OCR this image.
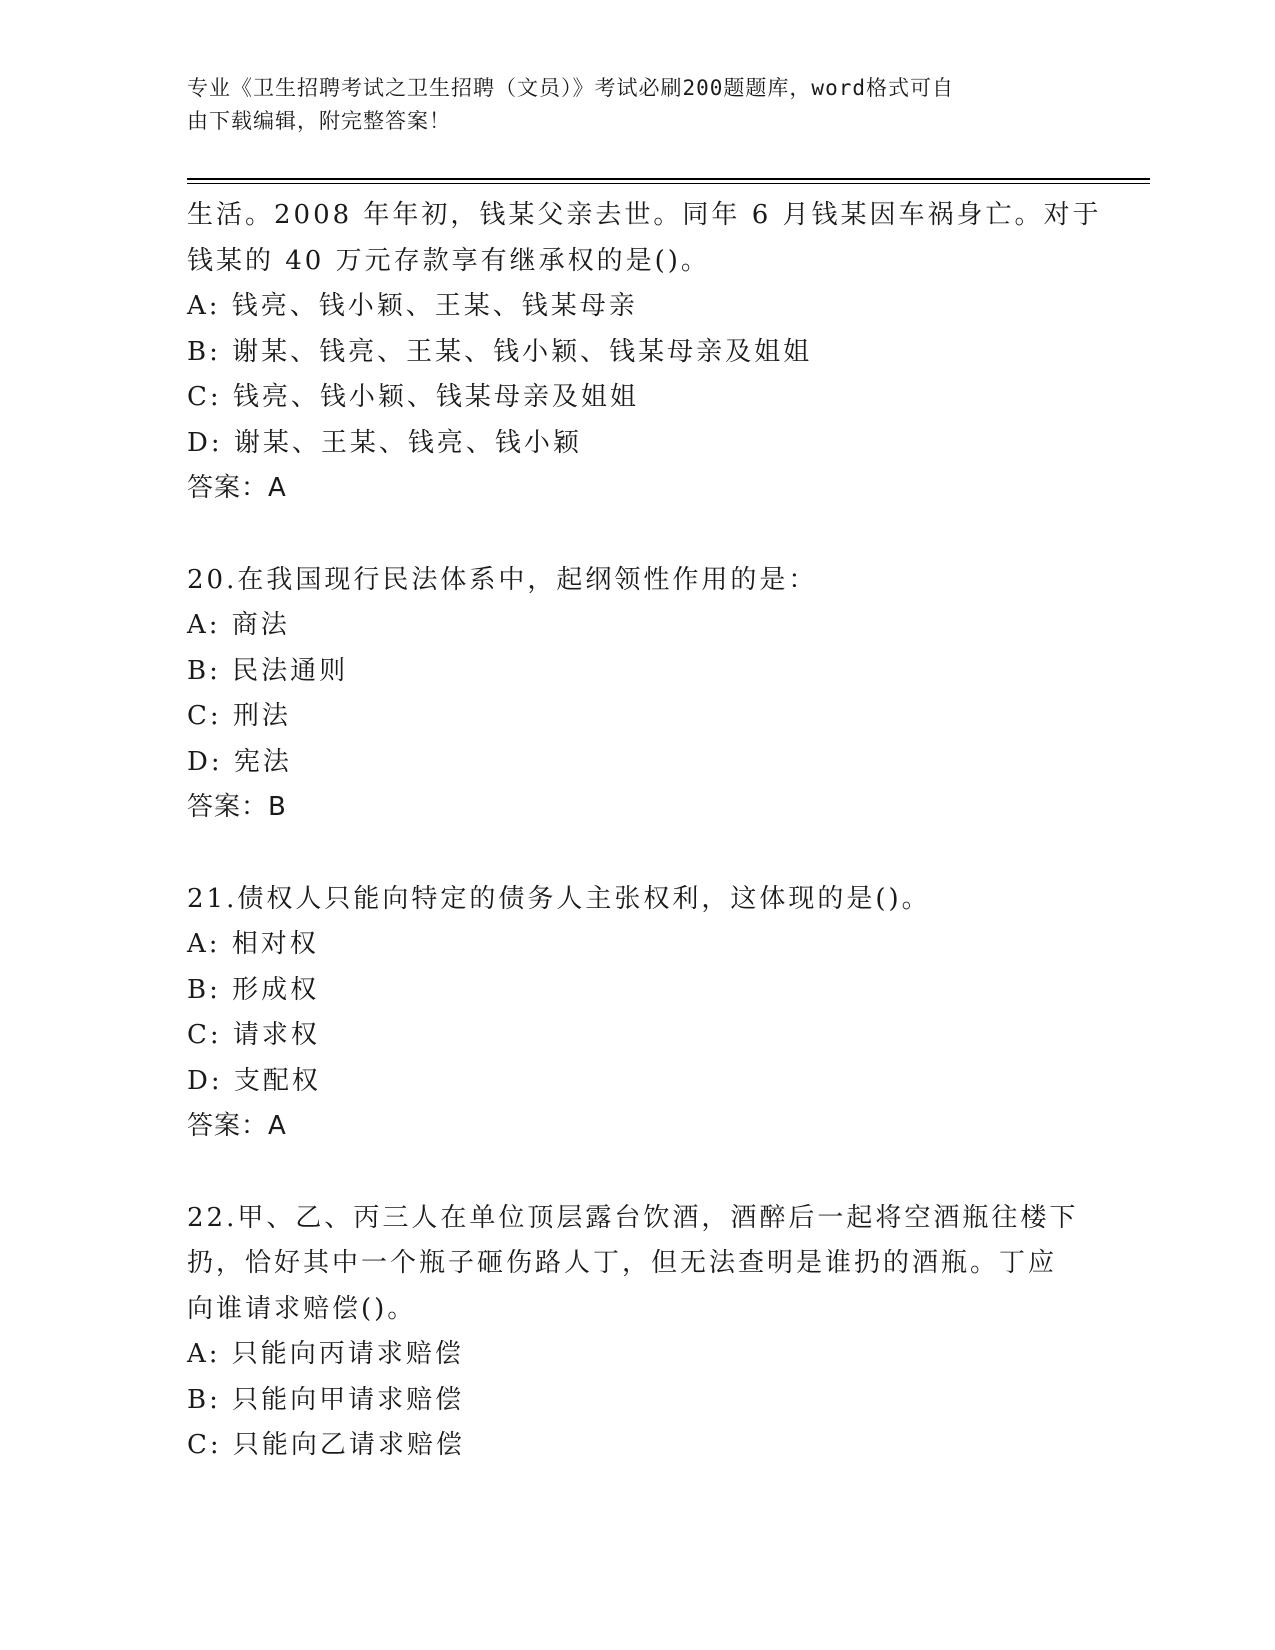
专业《卫生招聘考试之卫生招聘（文员）》考试必刷200题题库，word格式可自
由下载编辑，附完整答案！
生活。2008 年年初，钱某父亲去世。同年 6 月钱某因车祸身亡。对于
钱某的 40 万元存款享有继承权的是()。
A: 钱亮、钱小颖、王某、钱某母亲
B: 谢某、钱亮、王某、钱小颖、钱某母亲及姐姐
C: 钱亮、钱小颖、钱某母亲及姐姐
D: 谢某、王某、钱亮、钱小颖
答案：A
20.在我国现行民法体系中，起纲领性作用的是：
A: 商法
B: 民法通则
C: 刑法
D: 宪法
答案：B
21.债权人只能向特定的债务人主张权利，这体现的是()。
A: 相对权
B: 形成权
C: 请求权
D: 支配权
答案：A
22.甲、乙、丙三人在单位顶层露台饮酒，酒醉后一起将空酒瓶往楼下
扔，恰好其中一个瓶子砸伤路人丁，但无法查明是谁扔的酒瓶。丁应
向谁请求赔偿()。
A: 只能向丙请求赔偿
B: 只能向甲请求赔偿
C: 只能向乙请求赔偿
